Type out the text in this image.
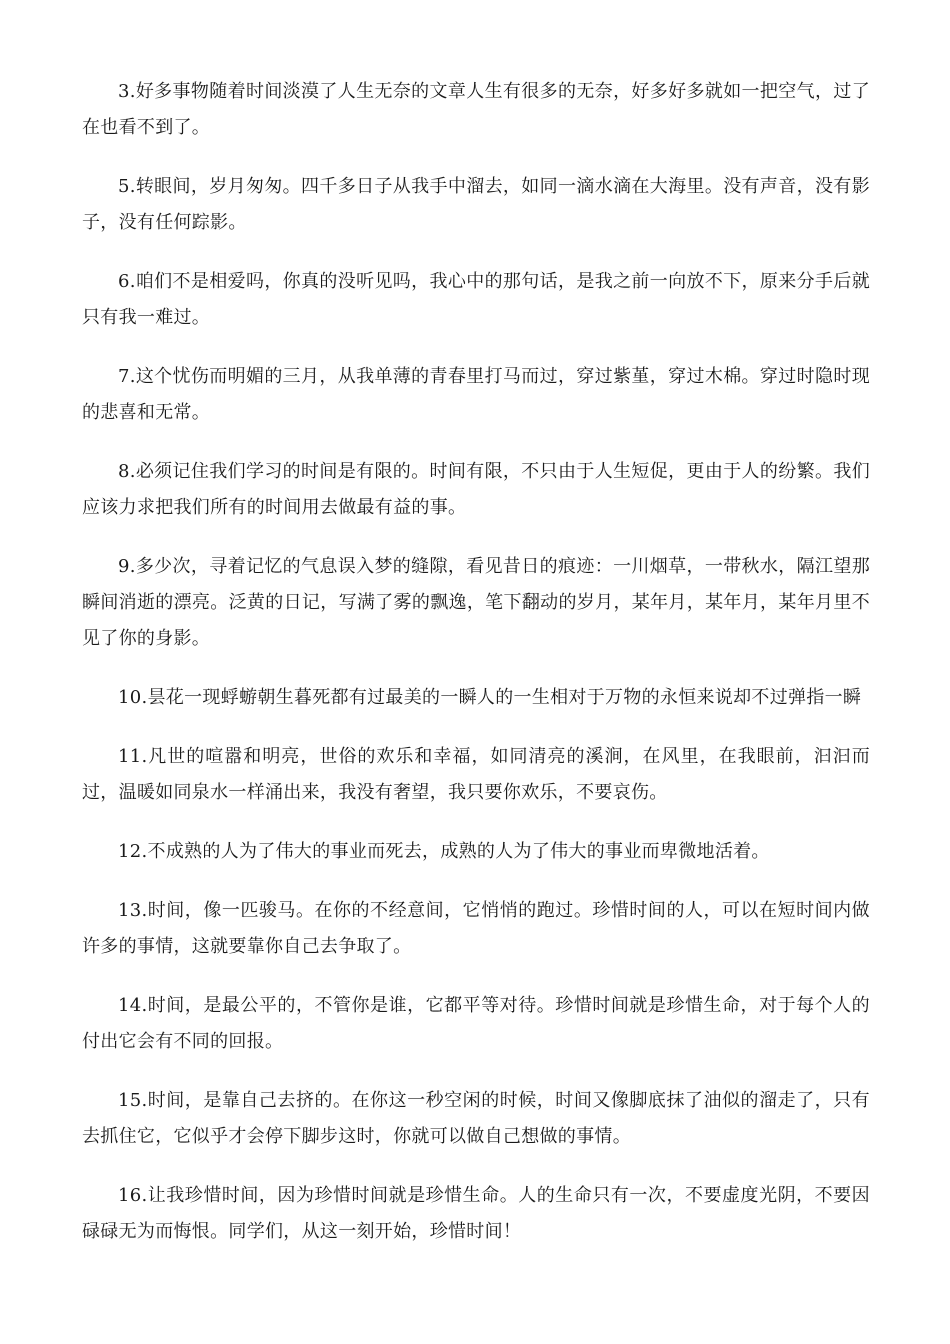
3.好多事物随着时间淡漠了人生无奈的文章人生有很多的无奈，好多好多就如一把空气，过了在也看不到了。

5.转眼间，岁月匆匆。四千多日子从我手中溜去，如同一滴水滴在大海里。没有声音，没有影子，没有任何踪影。

6.咱们不是相爱吗，你真的没听见吗，我心中的那句话，是我之前一向放不下，原来分手后就只有我一难过。

7.这个忧伤而明媚的三月，从我单薄的青春里打马而过，穿过紫堇，穿过木棉。穿过时隐时现的悲喜和无常。

8.必须记住我们学习的时间是有限的。时间有限，不只由于人生短促，更由于人的纷繁。我们应该力求把我们所有的时间用去做最有益的事。

9.多少次，寻着记忆的气息误入梦的缝隙，看见昔日的痕迹：一川烟草，一带秋水，隔江望那瞬间消逝的漂亮。泛黄的日记，写满了雾的飘逸，笔下翻动的岁月，某年月，某年月，某年月里不见了你的身影。

10.昙花一现蜉蝣朝生暮死都有过最美的一瞬人的一生相对于万物的永恒来说却不过弹指一瞬

11.凡世的喧嚣和明亮，世俗的欢乐和幸福，如同清亮的溪涧，在风里，在我眼前，汩汩而过，温暖如同泉水一样涌出来，我没有奢望，我只要你欢乐，不要哀伤。

12.不成熟的人为了伟大的事业而死去，成熟的人为了伟大的事业而卑微地活着。

13.时间，像一匹骏马。在你的不经意间，它悄悄的跑过。珍惜时间的人，可以在短时间内做许多的事情，这就要靠你自己去争取了。

14.时间，是最公平的，不管你是谁，它都平等对待。珍惜时间就是珍惜生命，对于每个人的付出它会有不同的回报。

15.时间，是靠自己去挤的。在你这一秒空闲的时候，时间又像脚底抹了油似的溜走了，只有去抓住它，它似乎才会停下脚步这时，你就可以做自己想做的事情。

16.让我珍惜时间，因为珍惜时间就是珍惜生命。人的生命只有一次，不要虚度光阴，不要因碌碌无为而悔恨。同学们，从这一刻开始，珍惜时间！
